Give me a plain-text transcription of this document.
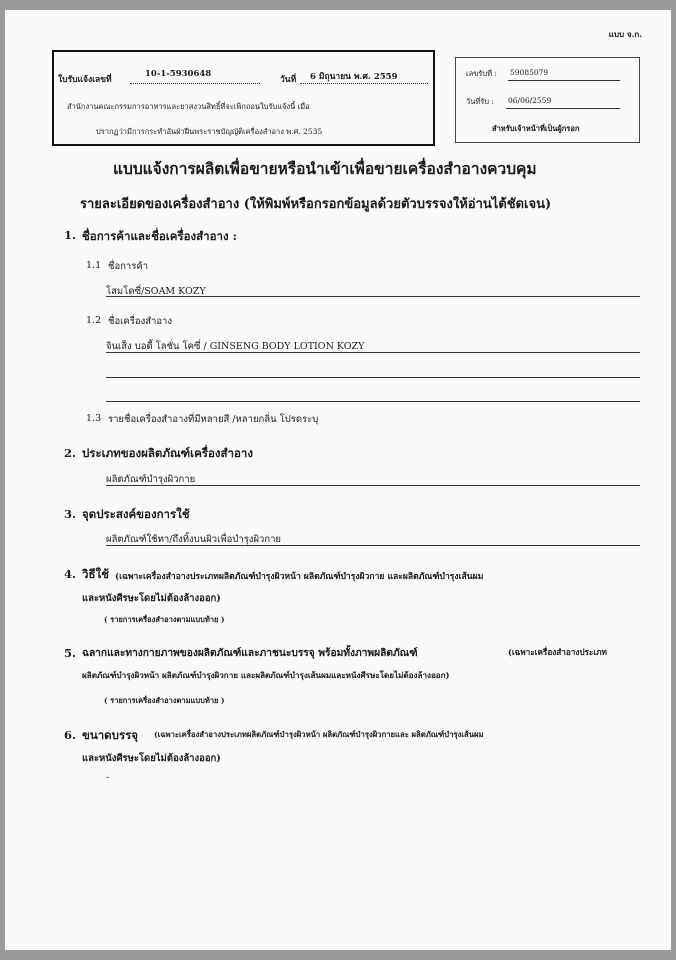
แบบ จ.ก.
ใบรับแจ้งเลขที่
10-1-5930648
วันที่ 6 มิถุนายน พ.ศ. 2559
สำนักงานคณะกรรมการอาหารและยาสงวนสิทธิ์ที่จะเพิกถอนใบรับแจ้งนี้ เมื่อ
ปรากฏว่ามีการกระทำอันฝ่าฝืนพระราชบัญญัติเครื่องสำอาง พ.ศ. 2535
เลขรับที่ : 59085079
วันที่รับ : 06/06/2559
สำหรับเจ้าหน้าที่เป็นผู้กรอก
แบบแจ้งการผลิตเพื่อขายหรือนำเข้าเพื่อขายเครื่องสำอางควบคุม
รายละเอียดของเครื่องสำอาง (ให้พิมพ์หรือกรอกข้อมูลด้วยตัวบรรจงให้อ่านได้ชัดเจน)
1. ชื่อการค้าและชื่อเครื่องสำอาง :
1.1 ชื่อการค้า
โสมโคซี่/SOAM KOZY
1.2 ชื่อเครื่องสำอาง
จินเส็ง บอดี้ โลชั่น โคซี่ / GINSENG BODY LOTION KOZY
1.3 รายชื่อเครื่องสำอางที่มีหลายสี /หลายกลิ่น โปรดระบุ
2. ประเภทของผลิตภัณฑ์เครื่องสำอาง
ผลิตภัณฑ์บำรุงผิวกาย
3. จุดประสงค์ของการใช้
ผลิตภัณฑ์ใช้ทา/ถึงทิ้งบนผิวเพื่อบำรุงผิวกาย
4. วิธีใช้ (เฉพาะเครื่องสำอางประเภทผลิตภัณฑ์บำรุงผิวหน้า ผลิตภัณฑ์บำรุงผิวกาย และผลิตภัณฑ์บำรุงเส้นผม
และหนังศีรษะโดยไม่ต้องล้างออก)
( รายการเครื่องสำอางตามแบบท้าย )
5. ฉลากและทางกายภาพของผลิตภัณฑ์และภาชนะบรรจุ พร้อมทั้งภาพผลิตภัณฑ์	(เฉพาะเครื่องสำอางประเภท
ผลิตภัณฑ์บำรุงผิวหน้า ผลิตภัณฑ์บำรุงผิวกาย และผลิตภัณฑ์บำรุงเส้นผมและหนังศีรษะโดยไม่ต้องล้างออก)
( รายการเครื่องสำอางตามแบบท้าย )
6. ขนาดบรรจุ (เฉพาะเครื่องสำอางประเภทผลิตภัณฑ์บำรุงผิวหน้า ผลิตภัณฑ์บำรุงผิวกายและ ผลิตภัณฑ์บำรุงเส้นผม
และหนังศีรษะโดยไม่ต้องล้างออก)
-
